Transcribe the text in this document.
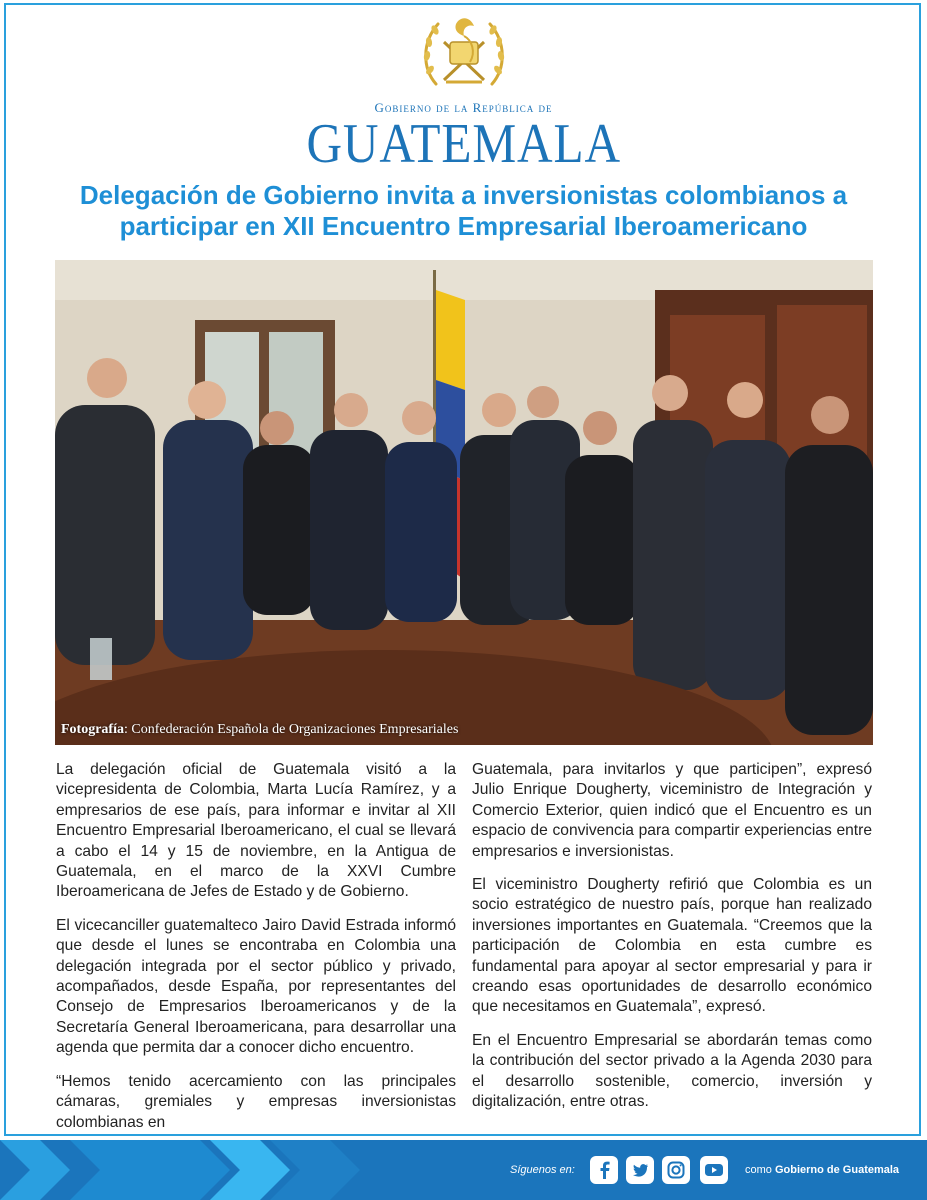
Gobierno de la República de
GUATEMALA
Delegación de Gobierno invita a inversionistas colombianos a participar en XII Encuentro Empresarial Iberoamericano
Fotografía: Confederación Española de Organizaciones Empresariales

La delegación oficial de Guatemala visitó a la vicepresidenta de Colombia, Marta Lucía Ramírez, y a empresarios de ese país, para informar e invitar al XII Encuentro Empresarial Iberoamericano, el cual se llevará a cabo el 14 y 15 de noviembre, en la Antigua de Guatemala, en el marco de la XXVI Cumbre Iberoamericana de Jefes de Estado y de Gobierno.

El vicecanciller guatemalteco Jairo David Estrada informó que desde el lunes se encontraba en Colombia una delegación integrada por el sector público y privado, acompañados, desde España, por representantes del Consejo de Empresarios Iberoamericanos y de la Secretaría General Iberoamericana, para desarrollar una agenda que permita dar a conocer dicho encuentro.

“Hemos tenido acercamiento con las principales cámaras, gremiales y empresas inversionistas colombianas en

Guatemala, para invitarlos y que participen”, expresó Julio Enrique Dougherty, viceministro de Integración y Comercio Exterior, quien indicó que el Encuentro es un espacio de convivencia para compartir experiencias entre empresarios e inversionistas.

El viceministro Dougherty refirió que Colombia es un socio estratégico de nuestro país, porque han realizado inversiones importantes en Guatemala. “Creemos que la participación de Colombia en esta cumbre es fundamental para apoyar al sector empresarial y para ir creando esas oportunidades de desarrollo económico que necesitamos en Guatemala”, expresó.

En el Encuentro Empresarial se abordarán temas como la contribución del sector privado a la Agenda 2030 para el desarrollo sostenible, comercio, inversión y digitalización, entre otras.

Síguenos en:	como Gobierno de Guatemala
